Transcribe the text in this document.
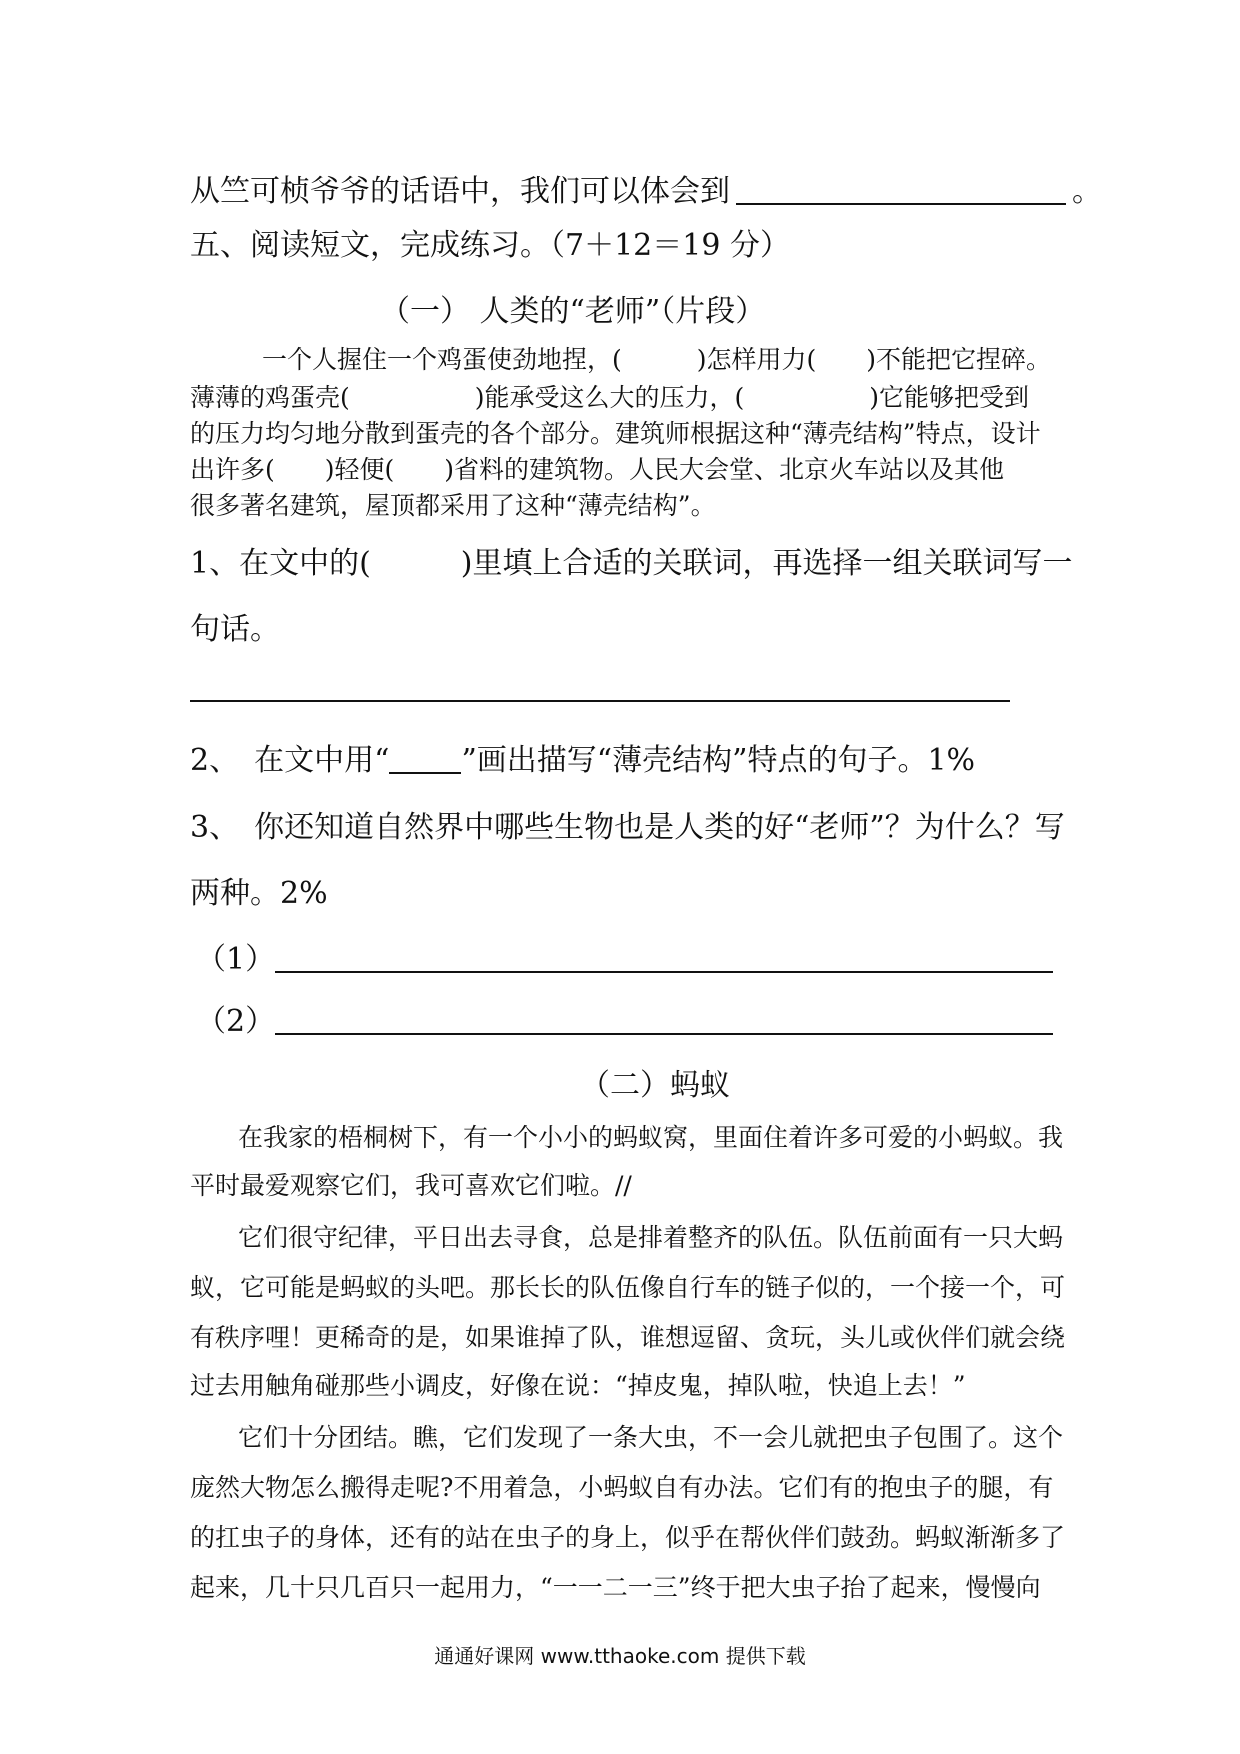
从竺可桢爷爷的话语中，我们可以体会到	。
五、阅读短文，完成练习。（7＋12＝19 分）
（一） 人类的“老师”（片段）
一个人握住一个鸡蛋使劲地捏，(　　　)怎样用力(　　)不能把它捏碎。
薄薄的鸡蛋壳(　　　　　)能承受这么大的压力，(　　　　　)它能够把受到
的压力均匀地分散到蛋壳的各个部分。建筑师根据这种“薄壳结构”特点，设计
出许多(　　)轻便(　　)省料的建筑物。人民大会堂、北京火车站以及其他
很多著名建筑，屋顶都采用了这种“薄壳结构”。
1、在文中的(　　　)里填上合适的关联词，再选择一组关联词写一
句话。
2、　在文中用“ ”画出描写“薄壳结构”特点的句子。1%
3、　你还知道自然界中哪些生物也是人类的好“老师”？为什么？写
两种。2%
（1）
（2）
（二）蚂蚁
在我家的梧桐树下，有一个小小的蚂蚁窝，里面住着许多可爱的小蚂蚁。我
平时最爱观察它们，我可喜欢它们啦。//
它们很守纪律，平日出去寻食，总是排着整齐的队伍。队伍前面有一只大蚂
蚁，它可能是蚂蚁的头吧。那长长的队伍像自行车的链子似的，一个接一个，可
有秩序哩！更稀奇的是，如果谁掉了队，谁想逗留、贪玩，头儿或伙伴们就会绕
过去用触角碰那些小调皮，好像在说：“掉皮鬼，掉队啦，快追上去！”
它们十分团结。瞧，它们发现了一条大虫，不一会儿就把虫子包围了。这个
庞然大物怎么搬得走呢?不用着急，小蚂蚁自有办法。它们有的抱虫子的腿，有
的扛虫子的身体，还有的站在虫子的身上，似乎在帮伙伴们鼓劲。蚂蚁渐渐多了
起来，几十只几百只一起用力，“一一二一三”终于把大虫子抬了起来，慢慢向
通通好课网 www.tthaoke.com 提供下载
